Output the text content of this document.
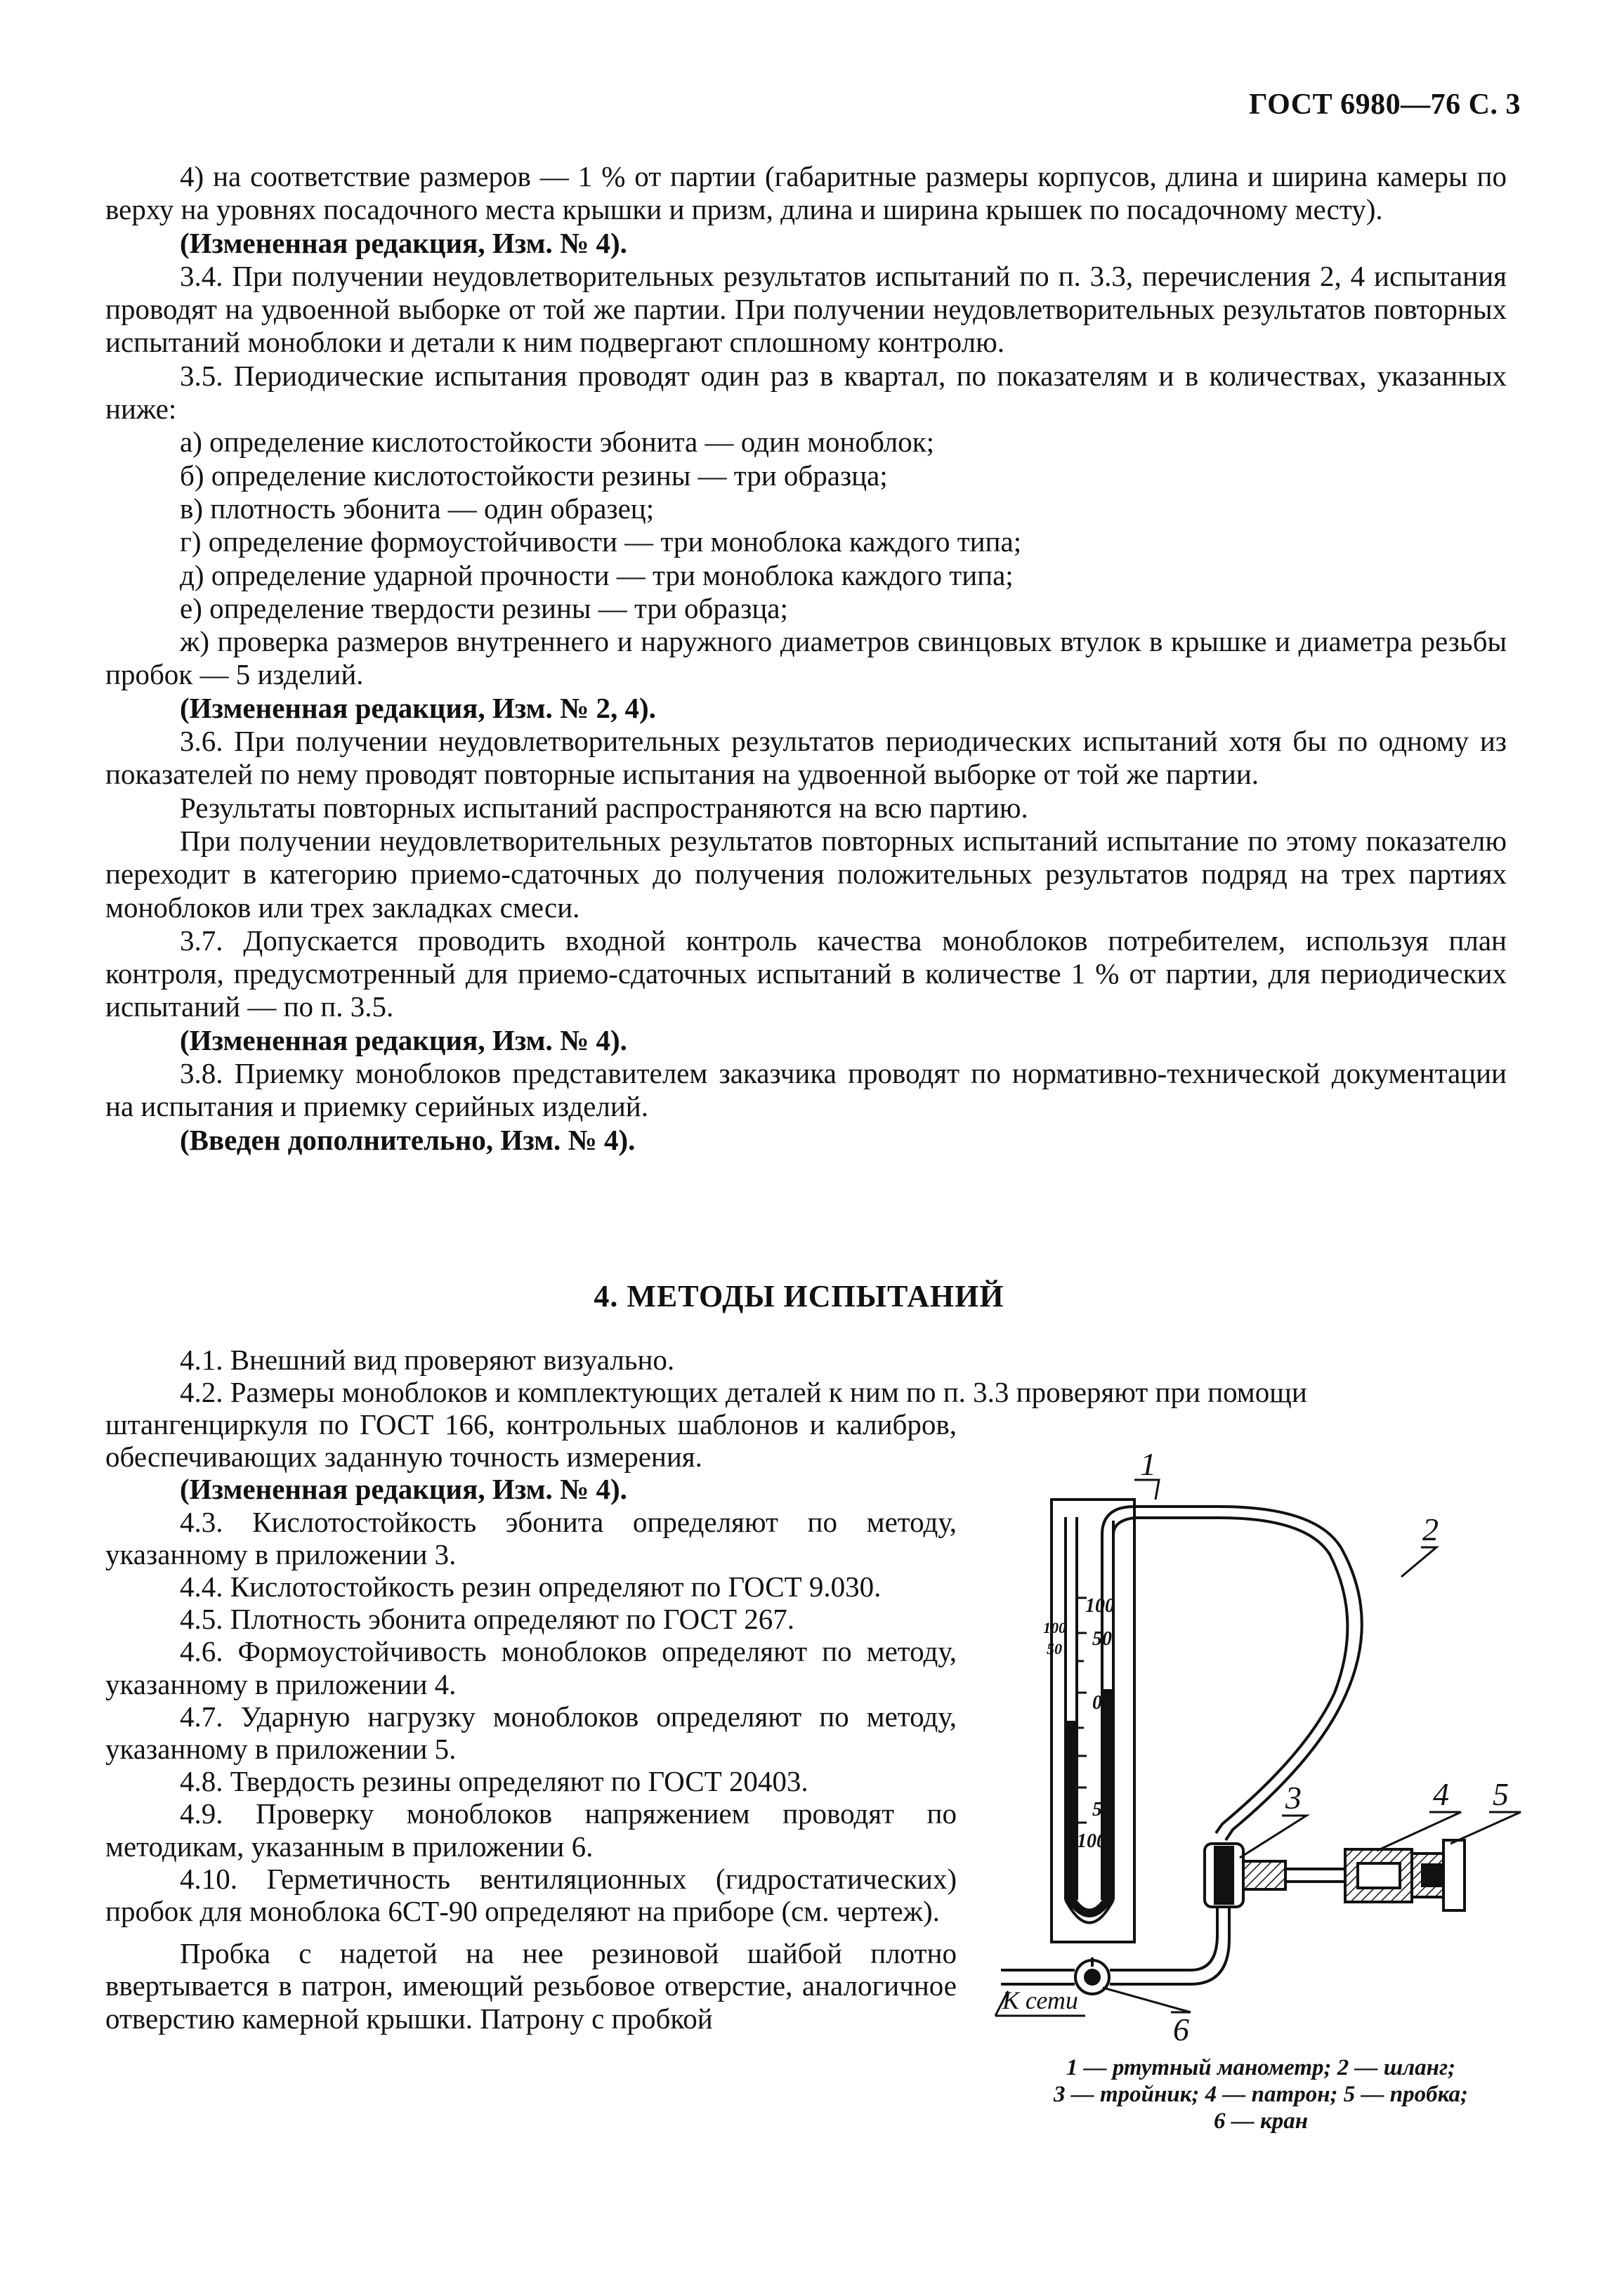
ГОСТ 6980—76 С. 3

4) на соответствие размеров — 1 % от партии (габаритные размеры корпусов, длина и ширина камеры по верху на уровнях посадочного места крышки и призм, длина и ширина крышек по посадочному месту).

(Измененная редакция, Изм. № 4).

3.4. При получении неудовлетворительных результатов испытаний по п. 3.3, перечисления 2, 4 испытания проводят на удвоенной выборке от той же партии. При получении неудовлетворительных результатов повторных испытаний моноблоки и детали к ним подвергают сплошному контролю.

3.5. Периодические испытания проводят один раз в квартал, по показателям и в количествах, указанных ниже:

а) определение кислотостойкости эбонита — один моноблок;

б) определение кислотостойкости резины — три образца;

в) плотность эбонита — один образец;

г) определение формоустойчивости — три моноблока каждого типа;

д) определение ударной прочности — три моноблока каждого типа;

е) определение твердости резины — три образца;

ж) проверка размеров внутреннего и наружного диаметров свинцовых втулок в крышке и диаметра резьбы пробок — 5 изделий.

(Измененная редакция, Изм. № 2, 4).

3.6. При получении неудовлетворительных результатов периодических испытаний хотя бы по одному из показателей по нему проводят повторные испытания на удвоенной выборке от той же партии.

Результаты повторных испытаний распространяются на всю партию.

При получении неудовлетворительных результатов повторных испытаний испытание по этому показателю переходит в категорию приемо-сдаточных до получения положительных результатов подряд на трех партиях моноблоков или трех закладках смеси.

3.7. Допускается проводить входной контроль качества моноблоков потребителем, используя план контроля, предусмотренный для приемо-сдаточных испытаний в количестве 1 % от партии, для периодических испытаний — по п. 3.5.

(Измененная редакция, Изм. № 4).

3.8. Приемку моноблоков представителем заказчика проводят по нормативно-технической документации на испытания и приемку серийных изделий.

(Введен дополнительно, Изм. № 4).

4. МЕТОДЫ ИСПЫТАНИЙ

4.1. Внешний вид проверяют визуально.

4.2. Размеры моноблоков и комплектующих деталей к ним по п. 3.3 проверяют при помощи

штангенциркуля по ГОСТ 166, контрольных шаблонов и калибров, обеспечивающих заданную точность измерения.

(Измененная редакция, Изм. № 4).

4.3. Кислотостойкость эбонита определяют по методу, указанному в приложении 3.

4.4. Кислотостойкость резин определяют по ГОСТ 9.030.

4.5. Плотность эбонита определяют по ГОСТ 267.

4.6. Формоустойчивость моноблоков определяют по методу, указанному в приложении 4.

4.7. Ударную нагрузку моноблоков определяют по методу, указанному в приложении 5.

4.8. Твердость резины определяют по ГОСТ 20403.

4.9. Проверку моноблоков напряжением проводят по методикам, указанным в приложении 6.

4.10. Герметичность вентиляционных (гидростатических) пробок для моноблока 6СТ-90 определяют на приборе (см. чертеж).

Пробка с надетой на нее резиновой шайбой плотно ввертывается в патрон, имеющий резьбовое отверстие, аналогичное отверстию камерной крышки. Патрону с пробкой

100
50
0
50
100
100
50
К сети
1
2
3	4 5
6
1 — ртутный манометр; 2 — шланг;
3 — тройник; 4 — патрон; 5 — пробка;
6 — кран
